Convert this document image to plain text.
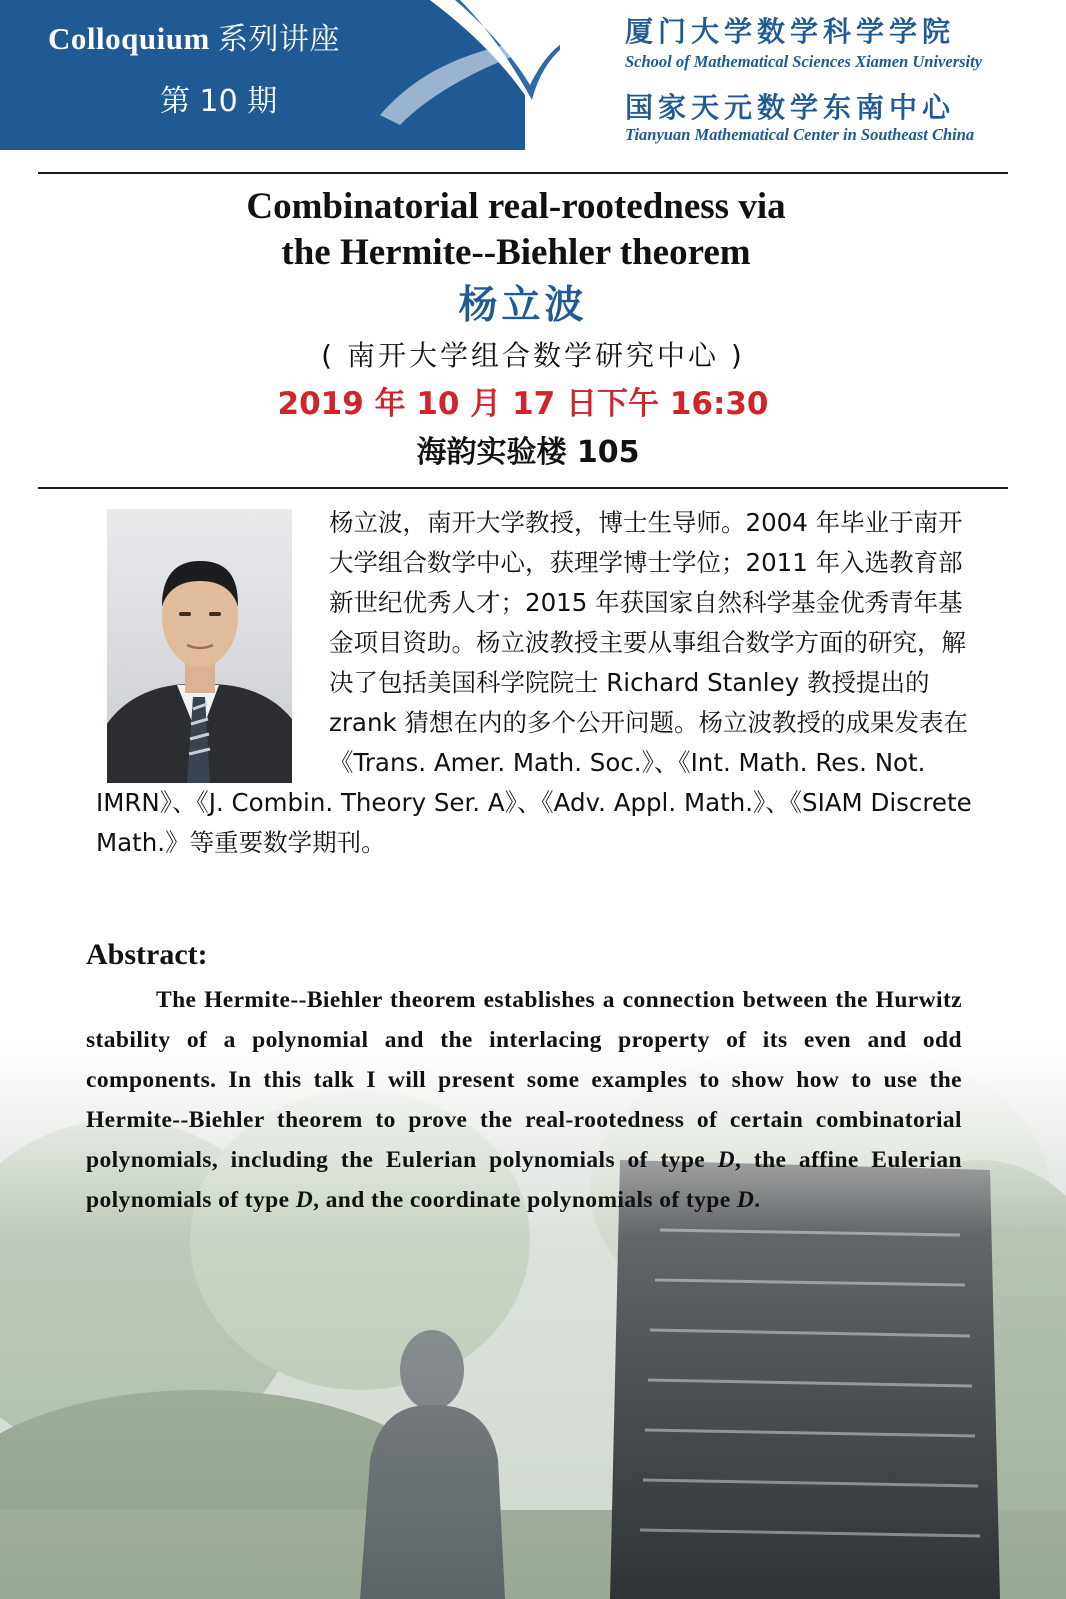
Colloquium 系列讲座
第 10 期
厦门大学数学科学学院
School of Mathematical Sciences Xiamen University
国家天元数学东南中心
Tianyuan Mathematical Center in Southeast China
Combinatorial real-rootedness via
the Hermite--Biehler theorem
杨立波
( 南开大学组合数学研究中心 )
2019 年 10 月 17 日下午 16:30
海韵实验楼 105
杨立波，南开大学教授，博士生导师。2004 年毕业于南开大学组合数学中心，获理学博士学位；2011 年入选教育部新世纪优秀人才；2015 年获国家自然科学基金优秀青年基金项目资助。杨立波教授主要从事组合数学方面的研究，解决了包括美国科学院院士 Richard Stanley 教授提出的 zrank 猜想在内的多个公开问题。杨立波教授的成果发表在《Trans. Amer. Math. Soc.》、《Int. Math. Res. Not. IMRN》、《J. Combin. Theory Ser. A》、《Adv. Appl. Math.》、《SIAM Discrete Math.》等重要数学期刊。
Abstract:
The Hermite--Biehler theorem establishes a connection between the Hurwitz stability of a polynomial and the interlacing property of its even and odd components. In this talk I will present some examples to show how to use the Hermite--Biehler theorem to prove the real-rootedness of certain combinatorial polynomials, including the Eulerian polynomials of type D, the affine Eulerian polynomials of type D, and the coordinate polynomials of type D.
